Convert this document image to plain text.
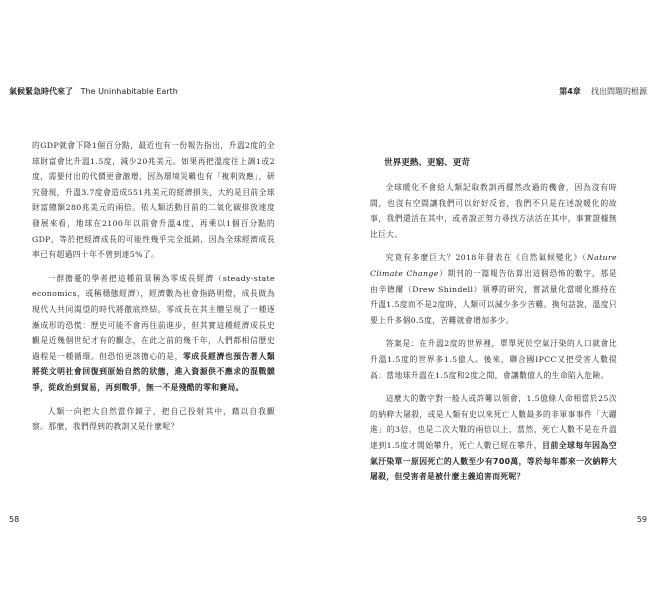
氣候緊急時代來了 The Uninhabitable Earth	第4章 找出問題的根源

的GDP就會下降1個百分點，最近也有一份報告指出，升溫2度的全球財富會比升溫1.5度，減少20兆美元。如果再把溫度往上調1或2度，需要付出的代價更會激增，因為環境災難也有「複利效應」，研究發現，升溫3.7度會造成551兆美元的經濟損失，大約是目前全球財富總額280兆美元的兩倍。依人類活動目前的二氧化碳排放速度發展來看，地球在2100年以前會升溫4度，再乘以1個百分點的GDP，等於把經濟成長的可能性幾乎完全抵銷，因為全球經濟成長率已有超過四十年不曾到達5%了。

一群擔憂的學者把這種前景稱為零成長經濟（steady-state economics，或稱穩態經濟），經濟數為社會指路明燈，成長做為現代人共同渴望的時代將徹底終結。零成長在其主體呈現了一種逐漸成形的恐慌：歷史可能不會再往前進步，但其實這種經濟成長史觀是近幾個世紀才有的觀念，在此之前的幾千年，人們都相信歷史過程是一種循環。但恐怕更該擔心的是，零成長經濟也預告著人類將從文明社會回復到原始自然的狀態，進入資源供不應求的混戰競爭，從政治到貿易，再到戰爭，無一不是殘酷的零和賽局。

人類一向把大自然當作鏡子，把自己投射其中，藉以自我觀察。那麼，我們得到的教訓又是什麼呢？

世界更熱、更窮、更苛

全球暖化不會給人類記取教訓再擺然改過的機會，因為沒有時間，也沒有空間讓我們可以好好反省，我們不只是在述說暖化的故事，我們還活在其中，或者說正努力尋找方法活在其中，事實證據無比巨大。

究竟有多麼巨大？2018年發表在《自然氣候變化》（Nature Climate Change）期刊的一篇報告估算出這個恐怖的數字，那是由辛德爾（Drew Shindell）領導的研究，嘗試量化當暖化維持在升溫1.5度而不是2度時，人類可以減少多少苦難。換句話說，溫度只要上升多個0.5度，苦難就會增加多少。

答案是：在升溫2度的世界裡，單單死於空氣汙染的人口就會比升溫1.5度的世界多1.5億人。後來，聯合國IPCC又把受害人數提高：當地球升溫在1.5度和2度之間，會讓數億人的生命陷入危險。

這麼大的數字對一般人或許難以領會，1.5億條人命相當於25次的納粹大屠殺，或是人類有史以來死亡人數最多的非軍事事件「大躍進」的3倍，也是二次大戰的兩倍以上，當然，死亡人數不是在升溫達到1.5度才開始攀升，死亡人數已經在攀升，目前全球每年因為空氣汙染單一原因死亡的人數至少有700萬，等於每年都來一次納粹大屠殺，但受害者是被什麼主義迫害而死呢？

58	59
